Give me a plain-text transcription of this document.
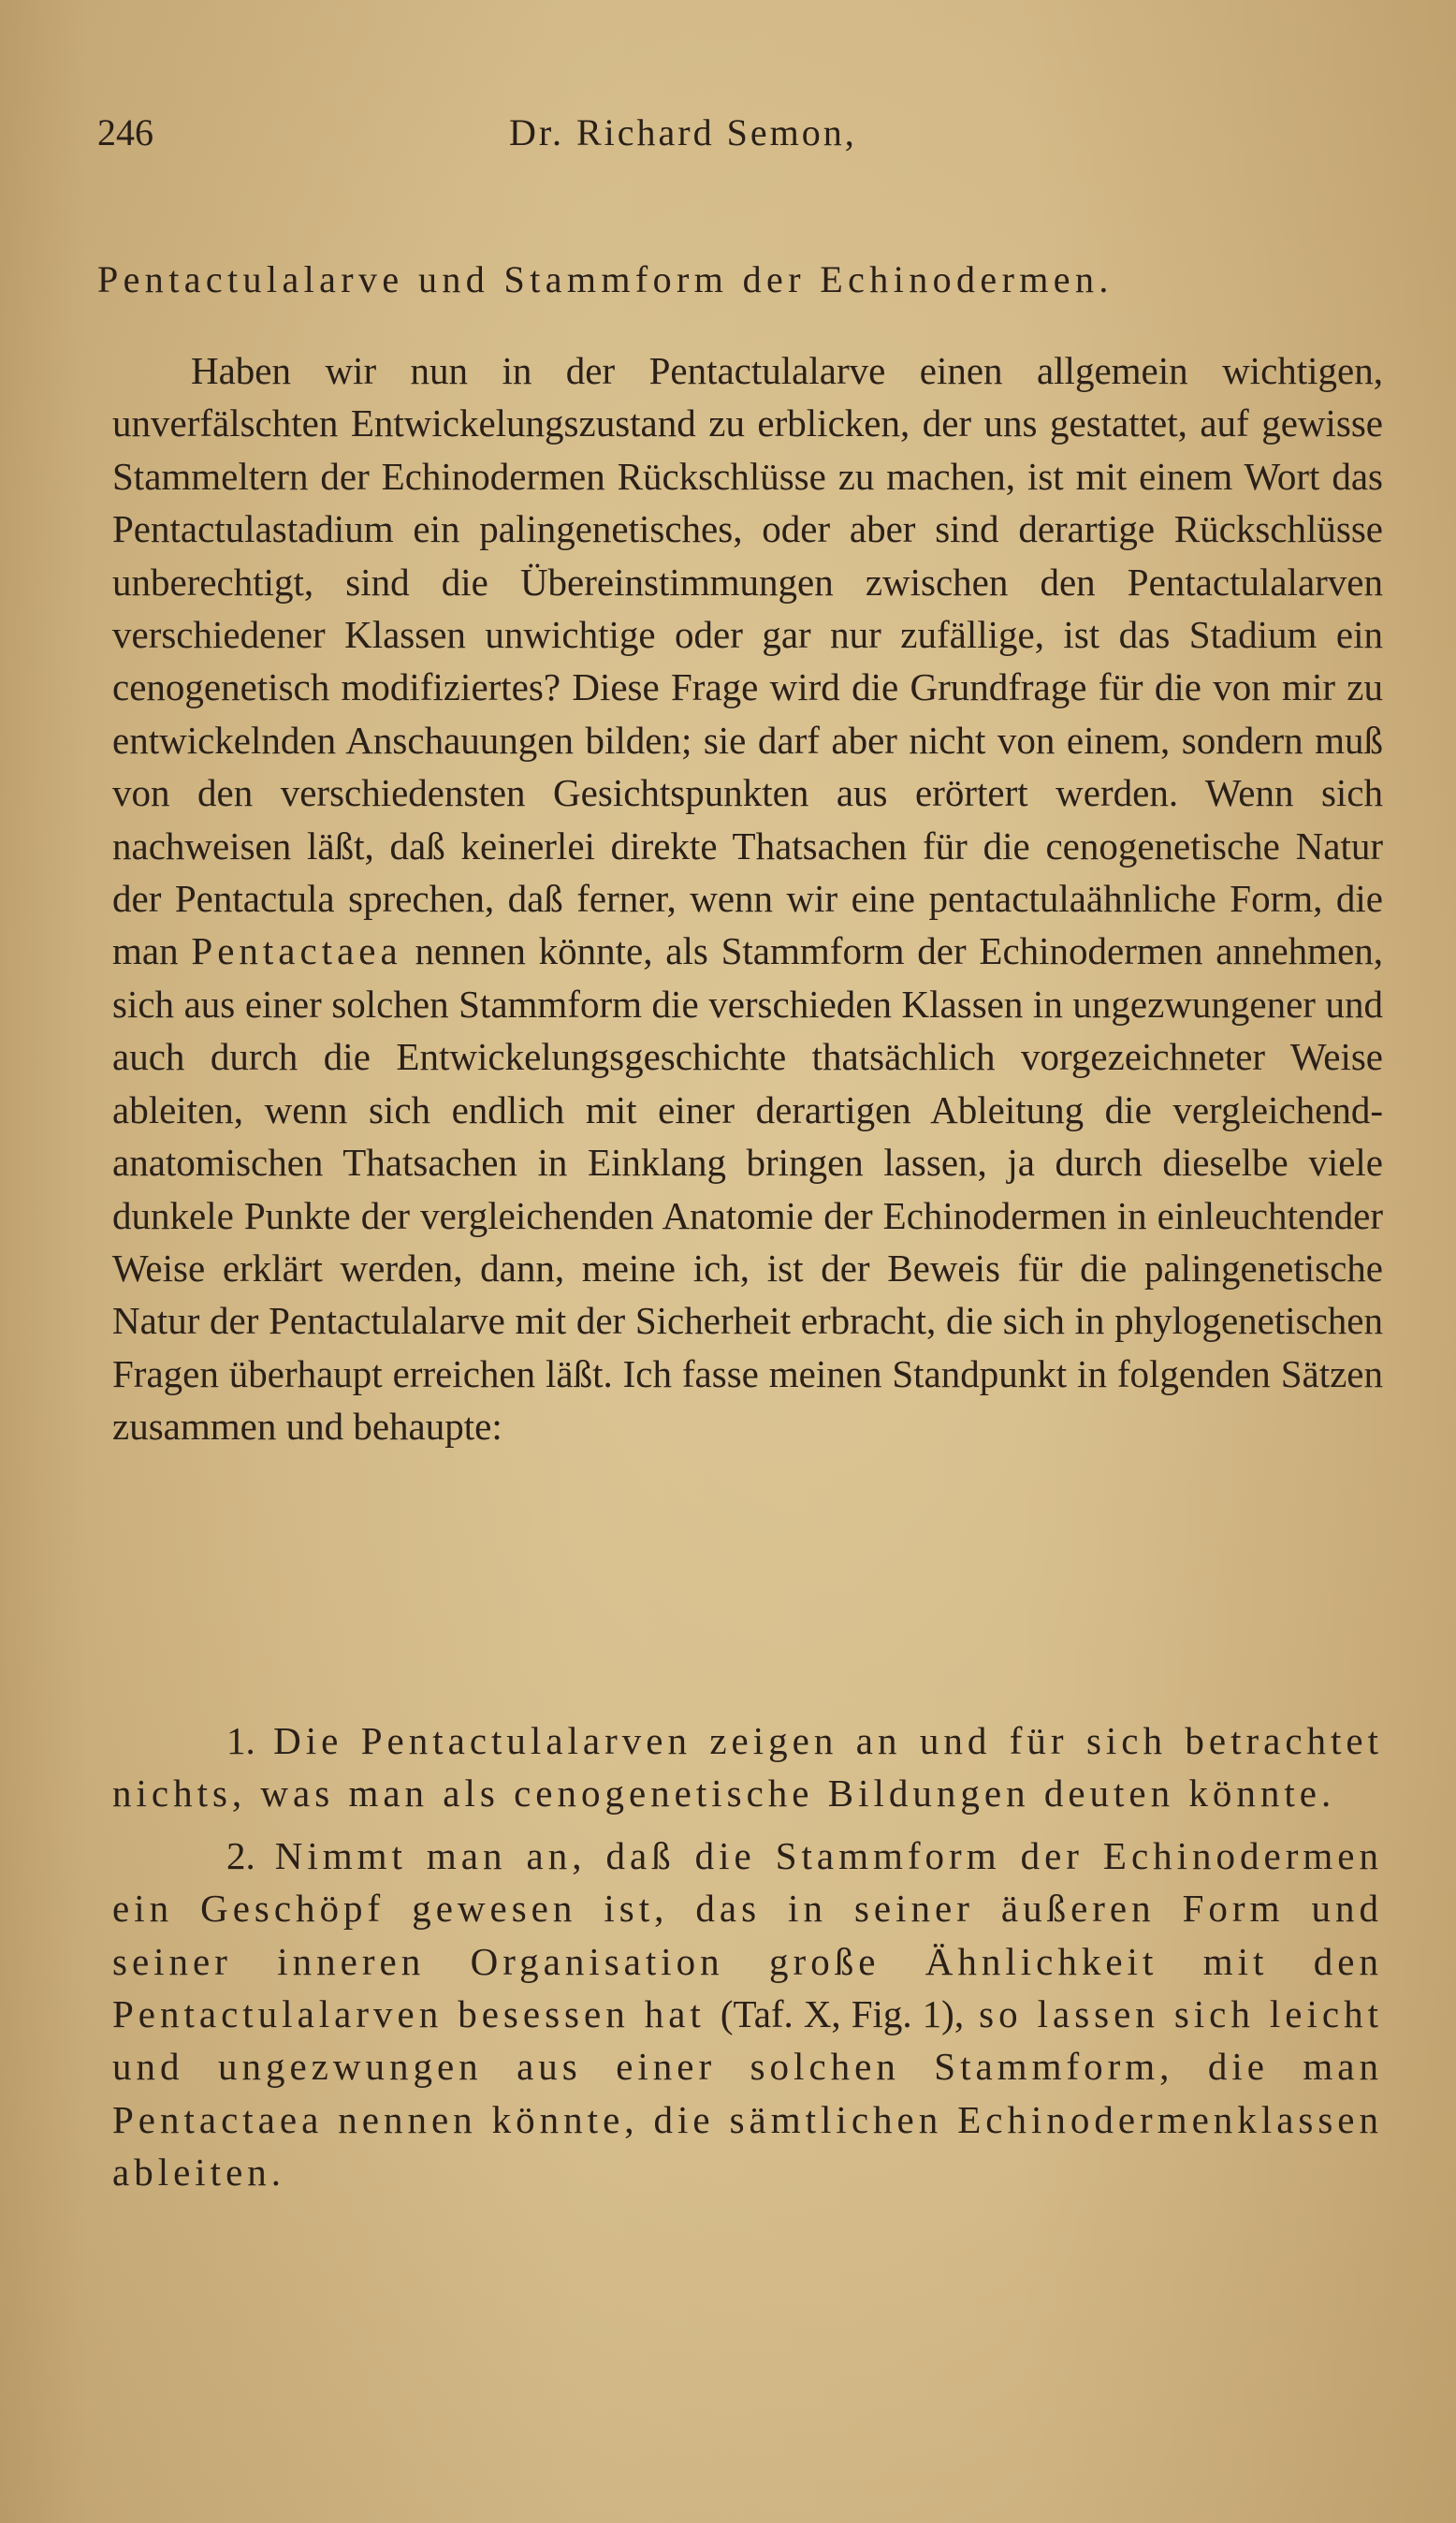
246	Dr. Richard Semon,
Pentactulalarve und Stammform der Echinodermen.

Haben wir nun in der Pentactulalarve einen allgemein wichtigen, unverfälschten Entwickelungszustand zu erblicken, der uns gestattet, auf gewisse Stammeltern der Echinodermen Rückschlüsse zu machen, ist mit einem Wort das Pentactulastadium ein palingenetisches, oder aber sind derartige Rückschlüsse unberechtigt, sind die Übereinstimmungen zwischen den Pentactulalarven verschiedener Klassen unwichtige oder gar nur zufällige, ist das Stadium ein cenogenetisch modifiziertes? Diese Frage wird die Grundfrage für die von mir zu entwickelnden Anschauungen bilden; sie darf aber nicht von einem, sondern muß von den verschiedensten Gesichtspunkten aus erörtert werden. Wenn sich nachweisen läßt, daß keinerlei direkte Thatsachen für die cenogenetische Natur der Pentactula sprechen, daß ferner, wenn wir eine pentactulaähnliche Form, die man Pentactaea nennen könnte, als Stammform der Echinodermen annehmen, sich aus einer solchen Stammform die verschieden Klassen in ungezwungener und auch durch die Entwickelungsgeschichte thatsächlich vorgezeichneter Weise ableiten, wenn sich endlich mit einer derartigen Ableitung die vergleichend-anatomischen Thatsachen in Einklang bringen lassen, ja durch dieselbe viele dunkele Punkte der vergleichenden Anatomie der Echinodermen in einleuchtender Weise erklärt werden, dann, meine ich, ist der Beweis für die palingenetische Natur der Pentactulalarve mit der Sicherheit erbracht, die sich in phylogenetischen Fragen überhaupt erreichen läßt. Ich fasse meinen Standpunkt in folgenden Sätzen zusammen und behaupte:

1. Die Pentactulalarven zeigen an und für sich betrachtet nichts, was man als cenogenetische Bildungen deuten könnte.

2. Nimmt man an, daß die Stammform der Echinodermen ein Geschöpf gewesen ist, das in seiner äußeren Form und seiner inneren Organisation große Ähnlichkeit mit den Pentactulalarven besessen hat (Taf. X, Fig. 1), so lassen sich leicht und ungezwungen aus einer solchen Stammform, die man Pentactaea nennen könnte, die sämtlichen Echinodermenklassen ableiten.
